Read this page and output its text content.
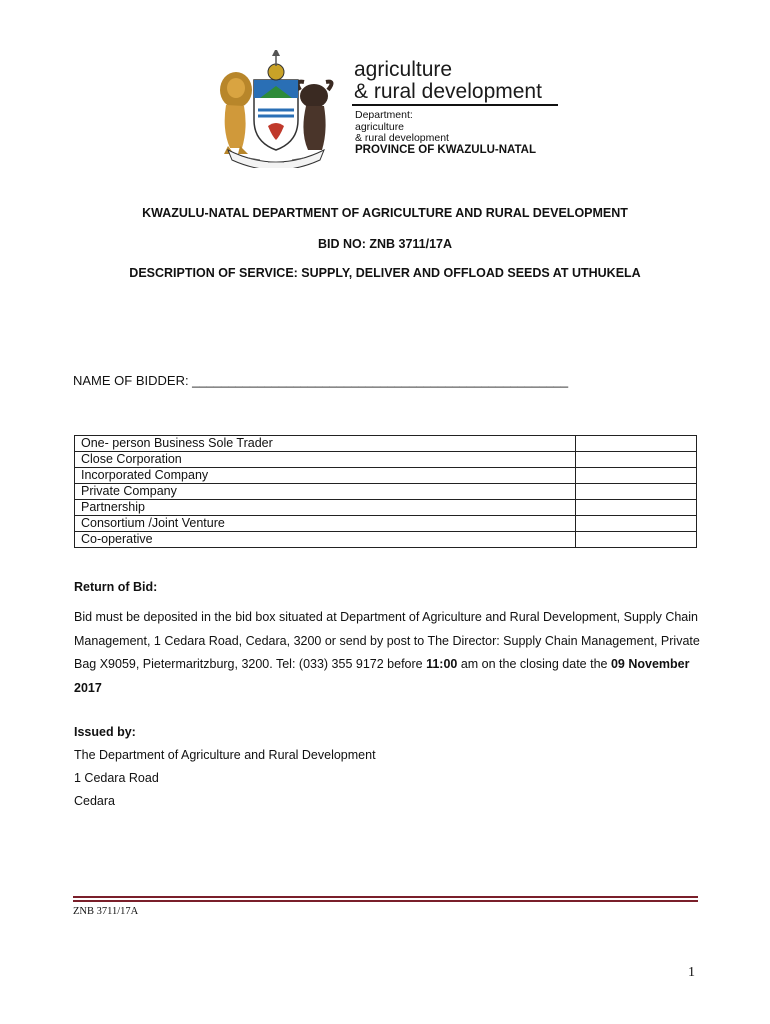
agriculture
& rural development
Department:
agriculture
& rural development
PROVINCE OF KWAZULU-NATAL
KWAZULU-NATAL DEPARTMENT OF AGRICULTURE AND RURAL DEVELOPMENT
BID NO: ZNB 3711/17A
DESCRIPTION OF SERVICE: SUPPLY, DELIVER AND OFFLOAD SEEDS AT UTHUKELA
NAME OF BIDDER: ____________________________________________________
One- person Business Sole Trader	
Close Corporation	
Incorporated Company	
Private Company	
Partnership	
Consortium /Joint Venture	
Co-operative	
Return of Bid:
Bid must be deposited in the bid box situated at Department of Agriculture and Rural Development, Supply Chain Management, 1 Cedara Road, Cedara, 3200 or send by post to The Director: Supply Chain Management, Private Bag X9059, Pietermaritzburg, 3200. Tel: (033) 355 9172 before 11:00 am on the closing date the 09 November 2017
Issued by:
The Department of Agriculture and Rural Development
1 Cedara Road
Cedara
ZNB 3711/17A
1
